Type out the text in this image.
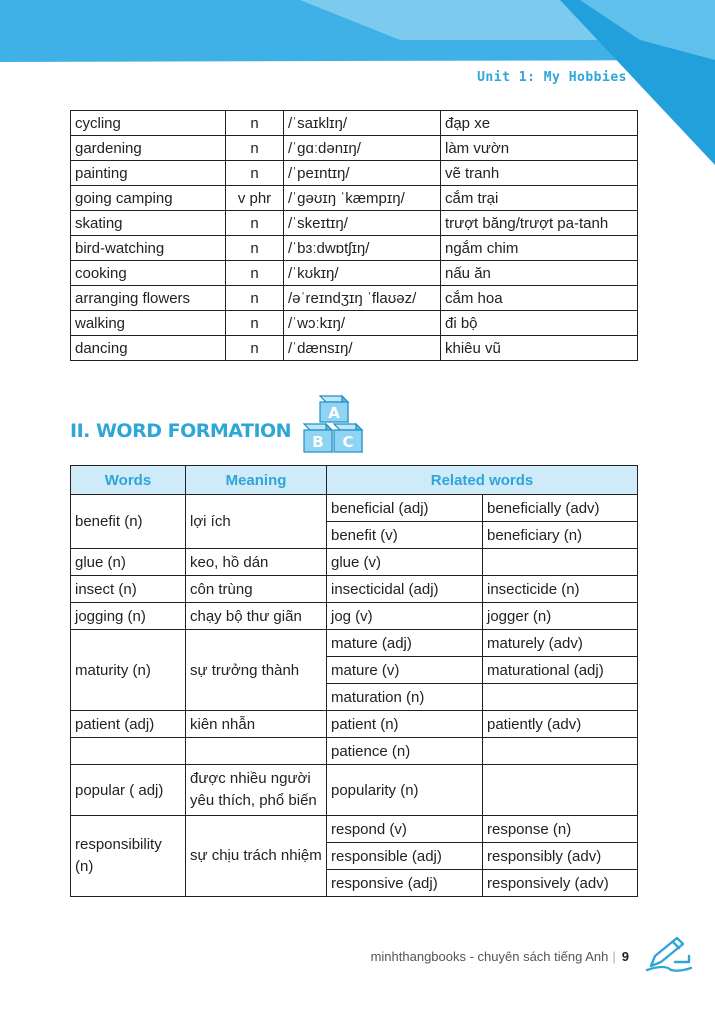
Unit 1: My Hobbies
cycling	n	/ˈsaɪklɪŋ/	đạp xe
gardening	n	/ˈɡɑːdənɪŋ/	làm vườn
painting	n	/ˈpeɪntɪŋ/	vẽ tranh
going camping	v phr	/ˈɡəʊɪŋ ˈkæmpɪŋ/	cắm trại
skating	n	/ˈskeɪtɪŋ/	trượt băng/trượt pa-tanh
bird-watching	n	/ˈbɜːdwɒtʃɪŋ/	ngắm chim
cooking	n	/ˈkʊkɪŋ/	nấu ăn
arranging flowers	n	/əˈreɪndʒɪŋ ˈflaʊəz/	cắm hoa
walking	n	/ˈwɔːkɪŋ/	đi bộ
dancing	n	/ˈdænsɪŋ/	khiêu vũ
II. WORD FORMATION
A
B C
Words	Meaning	Related words	
benefit (n)	lợi ích	beneficial (adj)	beneficially (adv)
		benefit (v)	beneficiary (n)
glue (n)	keo, hồ dán	glue (v)	
insect (n)	côn trùng	insecticidal (adj)	insecticide (n)
jogging (n)	chạy bộ thư giãn	jog (v)	jogger (n)
maturity (n)	sự trưởng thành	mature (adj)	maturely (adv)
		mature (v)	maturational (adj)
		maturation (n)	
patient (adj)	kiên nhẫn	patient (n)	patiently (adv)
		patience (n)	
popular ( adj)	được nhiều người yêu thích, phổ biến	popularity (n)	
responsibility (n)	sự chịu trách nhiệm	respond (v)	response (n)
		responsible (adj)	responsibly (adv)
		responsive (adj)	responsively (adv)
minhthangbooks - chuyên sách tiếng Anh | 9
